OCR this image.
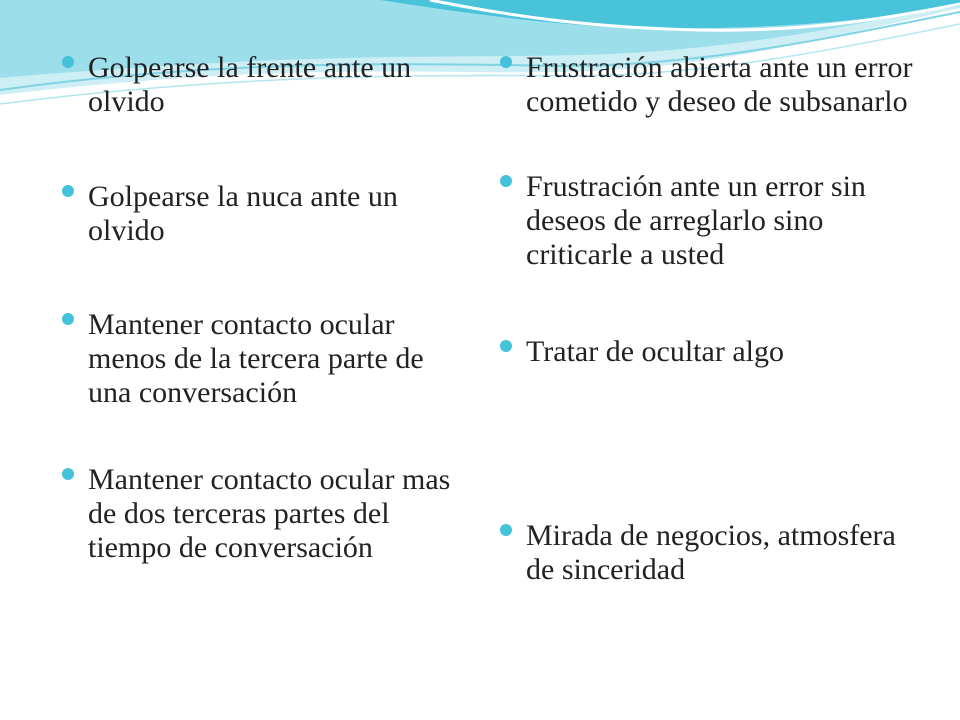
Golpearse la frente ante un olvido
Golpearse la nuca ante un olvido
Mantener contacto ocular menos de la tercera parte de una conversación
Mantener contacto ocular mas de dos terceras partes del tiempo de conversación
Frustración abierta ante un error cometido y deseo de subsanarlo
Frustración ante un error sin deseos de arreglarlo sino criticarle a usted
Tratar de ocultar algo
Mirada de negocios, atmosfera de sinceridad
